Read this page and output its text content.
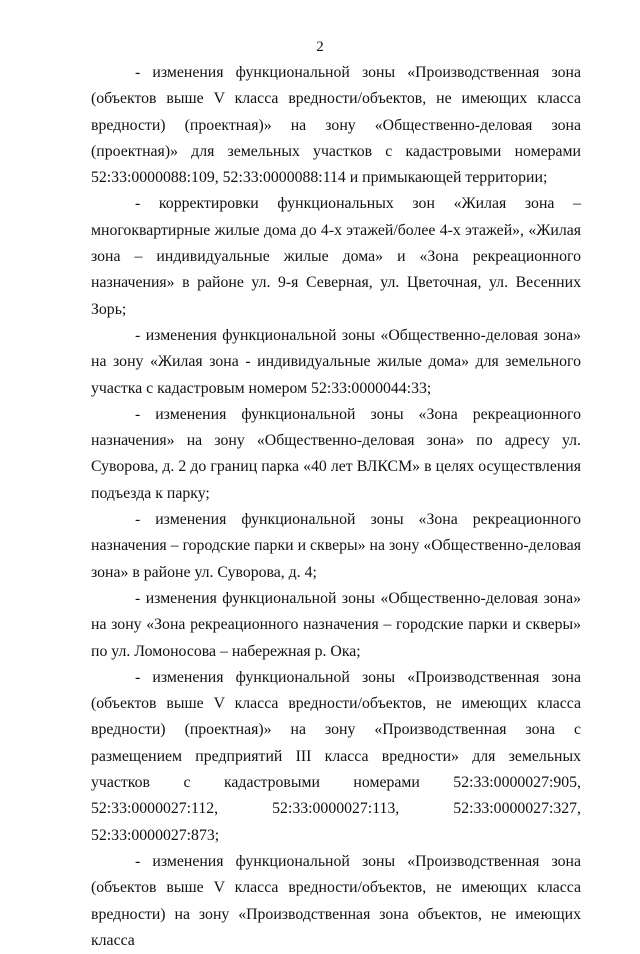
2

- изменения функциональной зоны «Производственная зона (объектов выше V класса вредности/объектов, не имеющих класса вредности) (проектная)» на зону «Общественно-деловая зона (проектная)» для земельных участков с кадастровыми номерами 52:33:0000088:109, 52:33:0000088:114 и примыкающей территории;

- корректировки функциональных зон «Жилая зона – многоквартирные жилые дома до 4-х этажей/более 4-х этажей», «Жилая зона – индивидуальные жилые дома» и «Зона рекреационного назначения» в районе ул. 9-я Северная, ул. Цветочная, ул. Весенних Зорь;

- изменения функциональной зоны «Общественно-деловая зона» на зону «Жилая зона - индивидуальные жилые дома» для земельного участка с кадастровым номером 52:33:0000044:33;

- изменения функциональной зоны «Зона рекреационного назначения» на зону «Общественно-деловая зона» по адресу ул. Суворова, д. 2 до границ парка «40 лет ВЛКСМ» в целях осуществления подъезда к парку;

- изменения функциональной зоны «Зона рекреационного назначения – городские парки и скверы» на зону «Общественно-деловая зона» в районе ул. Суворова, д. 4;

- изменения функциональной зоны «Общественно-деловая зона» на зону «Зона рекреационного назначения – городские парки и скверы» по ул. Ломоносова – набережная р. Ока;

- изменения функциональной зоны «Производственная зона (объектов выше V класса вредности/объектов, не имеющих класса вредности) (проектная)» на зону «Производственная зона с размещением предприятий III класса вредности» для земельных участков с кадастровыми номерами 52:33:0000027:905, 52:33:0000027:112, 52:33:0000027:113, 52:33:0000027:327, 52:33:0000027:873;

- изменения функциональной зоны «Производственная зона (объектов выше V класса вредности/объектов, не имеющих класса вредности) на зону «Производственная зона объектов, не имеющих класса
